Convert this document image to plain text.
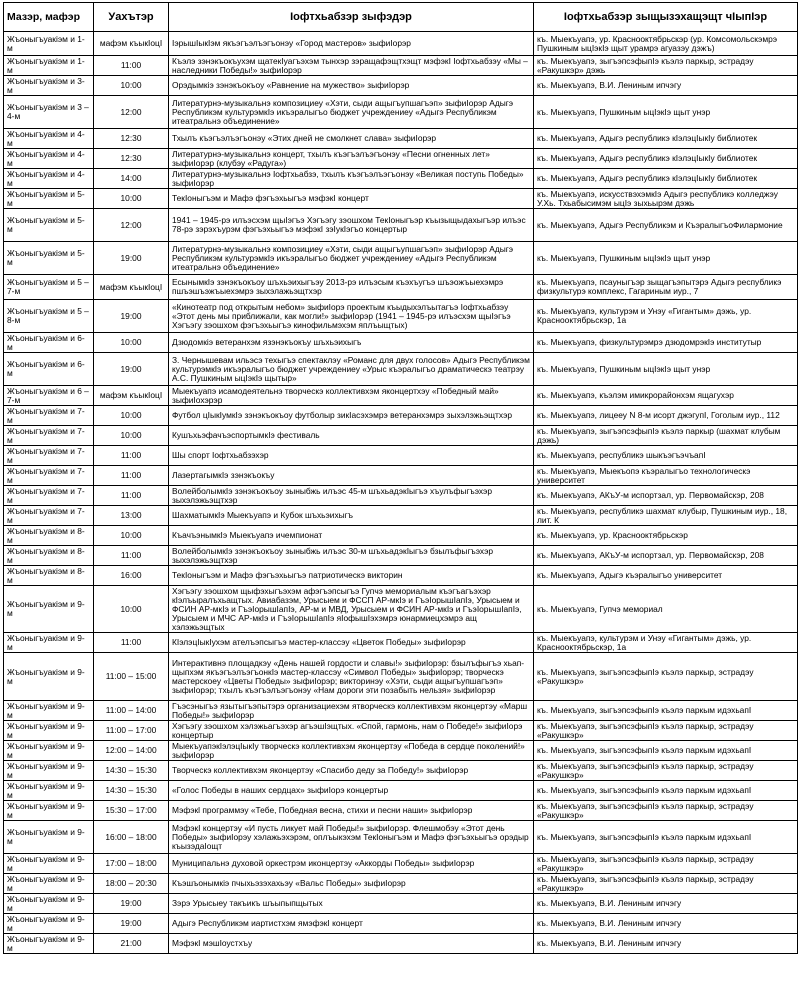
Мазэр, мафэр	Уахътэр	Iофтхьабзэр зыфэдэр	Iофтхьабзэр зыщызэхащэщт чIыпIэр
Жъоныгъуакiэм и 1-м	мафэм къыкIоцI	IэрышIыкIэм якъэгъэлъэгъонэу «Город мастеров» зыфиIорэр	къ. Мыекъуапэ, ур. Краснооктябрьскэр (ур. Комсомольскэмрэ Пушкиным ыцIэкIэ щыт урамрэ агуазэу дэжъ)
Жъоныгъуакiэм и 1-м	11:00	Къэлэ зэнэкъокъухэм щатекIуагъэхэм тынхэр зэращафэщтхэщт мэфэкI Iофтхьабзэу «Мы – наследники Победы!» зыфиIорэр	къ. Мыекъуапэ, зыгъэпсэфыпIэ къэлэ паркыр, эстрадэу «Ракушкэр» дэжь
Жъоныгъуакiэм и 3-м	10:00	Орэдымкiэ зэнэкъокъоу «Равнение на мужество» зыфиIорэр	къ. Мыекъуапэ, В.И. Лениным ипчэгу
Жъоныгъуакiэм и 3 – 4-м	12:00	Литературнэ-музыкальнэ композициеу «Хэти, сыди ащыгъупшагъэп» зыфиIорэр Адыгэ Республикэм культурэмкIэ икъэралыгъо бюджет учреждениеу «Адыгэ Республикэм итеатральнэ объединение»	къ. Мыекъуапэ, Пушкиным ыцIэкIэ щыт унэр
Жъоныгъуакiэм и 4-м	12:30	Тхылъ къэгъэлъэгъонэу «Этих дней не смолкнет слава» зыфиIорэр	къ. Мыекъуапэ, Адыгэ республикэ кIэлэцIыкIу библиотек
Жъоныгъуакiэм и 4-м	12:30	Литературнэ-музыкальнэ концерт, тхылъ къэгъэлъэгъонэу «Песни огненных лет» зыфиIорэр (клубэу «Радуга»)	къ. Мыекъуапэ, Адыгэ республикэ кIэлэцIыкIу библиотек
Жъоныгъуакiэм и 4-м	14:00	Литературнэ-музыкальнэ Iофтхьабзэ, тхылъ къэгъэлъэгъонэу «Великая поступь Победы» зыфиIорэр	къ. Мыекъуапэ, Адыгэ республикэ кIэлэцIыкIу библиотек
Жъоныгъуакiэм и 5-м	10:00	ТекIоныгъэм и Мафэ фэгъэхьыгъэ мэфэкI концерт	къ. Мыекъуапэ, искусствэхэмкIэ Адыгэ республикэ колледжэу У.Хь. Тхьабысимэм ыцIэ зыхьырэм дэжь
Жъоныгъуакiэм и 5-м	12:00	1941 – 1945-рэ илъэсхэм щыIэгъэ Хэгъэгу зэошхом ТекIоныгъэр къызыщыдахыгъэр илъэс 78-рэ зэрэхъурэм фэгъэхьыгъэ мэфэкI зэIукIэгъо концертыр	къ. Мыекъуапэ, Адыгэ Республикэм и КъэралыгъоФилармоние
Жъоныгъуакiэм и 5-м	19:00	Литературнэ-музыкальнэ композициеу «Хэти, сыди ащыгъупшагъэп» зыфиIорэр Адыгэ Республикэм культурэмкIэ икъэралыгъо бюджет учреждениеу «Адыгэ Республикэм итеатральнэ объединение»	къ. Мыекъуапэ, Пушкиным ыцIэкIэ щыт унэр
Жъоныгъуакiэм и 5 – 7-м	мафэм къыкIоцI	ЕсынымкIэ зэнэкъокъоу шъхьэихыгъэу 2013-рэ илъэсым къэхъугъэ шъэожъыехэмрэ пшъэшъэжъыехэмрэ зыхэлажьэщтхэр	къ. Мыекъуапэ, псауныгъэр зыщагъэпытэрэ Адыгэ республикэ физкультурэ комплекс, Гагариным иур., 7
Жъоныгъуакiэм и 5 – 8-м	19:00	«Кинотеатр под открытым небом» зыфиIорэ проектым къыдыхэлъытагъэ Iофтхьабзэу «Этот день мы приближали, как могли!» зыфиIорэр (1941 – 1945-рэ илъэсхэм щыIэгъэ Хэгъэгу зэошхом фэгъэхьыгъэ кинофильмэхэм яплъыщтых)	къ. Мыекъуапэ, культурэм и Унэу «Гигантым» дэжь, ур. Краснооктябрьскэр, 1а
Жъоныгъуакiэм и 6-м	10:00	Дзюдомкiэ ветеранхэм язэнэкъокъу шъхьэихыгъ	къ. Мыекъуапэ, физкультурэмрэ дзюдомрэкIэ институтыр
Жъоныгъуакiэм и 6-м	19:00	З. Чернышевам ильэсэ техыгъэ спектаклэу «Романс для двух голосов» Адыгэ Республикэм культурэмкIэ икъэралыгъо бюджет учреждениеу «Урыс къэралыгъо драматическэ театрэу А.С. Пушкиным ыцIэкIэ щытыр»	къ. Мыекъуапэ, Пушкиным ыцIэкIэ щыт унэр
Жъоныгъуакiэм и 6 – 7-м	мафэм къыкIоцI	Мыекъуапэ исамодеятельнэ творческэ коллективхэм яконцертхэу «Победный май» зыфиIохэрэр	къ. Мыекъуапэ, къэлэм имикрорайонхэм ящагухэр
Жъоныгъуакiэм и 7-м	10:00	Футбол цIыкIумкIэ зэнэкъокъоу футболыр зикIасэхэмрэ ветеранхэмрэ зыхэлэжьэщтхэр	къ. Мыекъуапэ, лицееу N 8-м исорт джэгупI, Гоголым иур., 112
Жъоныгъуакiэм и 7-м	10:00	КушъхьэфачъэспортымкIэ фестиваль	къ. Мыекъуапэ, зыгъэпсэфыпIэ къэлэ паркыр (шахмат клубым дэжь)
Жъоныгъуакiэм и 7-м	11:00	Шы спорт Iофтхьабзэхэр	къ. Мыекъуапэ, республикэ шыкъэгъэчъапI
Жъоныгъуакiэм и 7-м	11:00	ЛазертагымкIэ зэнэкъокъу	къ. Мыекъуапэ, Мыекъопэ къэралыгъо технологическэ университет
Жъоныгъуакiэм и 7-м	11:00	ВолейболымкIэ зэнэкъокъоу зыныбжь илъэс 45-м шъхьадэкIыгъэ хъулъфыгъэхэр зыхэлэжьэщтхэр	къ. Мыекъуапэ, АКъУ-м испортзал, ур. Первомайскэр, 208
Жъоныгъуакiэм и 7-м	13:00	ШахматымкIэ Мыекъуапэ и Кубок шъхьэихыгъ	къ. Мыекъуапэ, республикэ шахмат клубыр, Пушкиным иур., 18, лит. К
Жъоныгъуакiэм и 8-м	10:00	КъачъэнымкIэ Мыекъуапэ ичемпионат	къ. Мыекъуапэ, ур. Краснооктябрьскэр
Жъоныгъуакiэм и 8-м	11:00	ВолейболымкIэ зэнэкъокъоу зыныбжь илъэс 30-м шъхьадэкIыгъэ бзылъфыгъэхэр зыхэлэжьэщтхэр	къ. Мыекъуапэ, АКъУ-м испортзал, ур. Первомайскэр, 208
Жъоныгъуакiэм и 8-м	16:00	ТекIоныгъэм и Мафэ фэгъэхьыгъэ патриотическэ викторин	къ. Мыекъуапэ, Адыгэ къэралыгъо университет
Жъоныгъуакiэм и 9-м	10:00	Хэгъэгу зэошхом щыфэхыгъэхэм афэгъэпсыгъэ Гупчэ мемориалым къэгъагъэхэр кIэлъыралъхьащтых. Авиабазэм, Урысыем и ФССП АР-мкIэ и ГъэIорышIапIэ, Урысыем и ФСИН АР-мкIэ и ГъэIорышIапIэ, АР-м и МВД, Урысыем и ФСИН АР-мкIэ и ГъэIорышIапIэ, Урысыем и МЧС АР-мкIэ и ГъэIорышIапIэ яIофышIэхэмрэ юнармиецхэмрэ ащ хэлэжьэщтых	къ. Мыекъуапэ, Гупчэ мемориал
Жъоныгъуакiэм и 9-м	11:00	КIэлэцIыкIухэм ателъэпсыгъэ мастер-классэу «Цветок Победы» зыфиIорэр	къ. Мыекъуапэ, культурэм и Унэу «Гигантым» дэжь, ур. Краснооктябрьскэр, 1а
Жъоныгъуакiэм и 9-м	11:00 – 15:00	Интерактивнэ площадкэу «День нашей гордости и славы!» зыфиIорэр: бзылъфыгъэ хьап-щыпхэм якъэгъэлъэгъонкIэ мастер-классэу «Символ Победы» зыфиIорэр; творческэ мастерскоеу «Цветы Победы» зыфиIорэр; викторинэу «Хэти, сыди ащыгъупшагъэп» зыфиIорэр; тхылъ къэгъэлъэгъонэу «Нам дороги эти позабыть нельзя» зыфиIорэр	къ. Мыекъуапэ, зыгъэпсэфыпIэ къэлэ паркыр, эстрадэу «Ракушкэр»
Жъоныгъуакiэм и 9-м	11:00 – 14:00	Гъэсэныгъэ язытыгъэпытэрэ организациехэм ятворческэ коллективхэм яконцертэу «Марш Победы!» зыфиIорэр	къ. Мыекъуапэ, зыгъэпсэфыпIэ къэлэ паркым идэхьапI
Жъоныгъуакiэм и 9-м	11:00 – 17:00	Хэгъэгу зэошхом хэлэжьагъэхэр агъэшIэщтых. «Спой, гармонь, нам о Победе!» зыфиIорэ концертыр	къ. Мыекъуапэ, зыгъэпсэфыпIэ къэлэ паркыр, эстрадэу «Ракушкэр»
Жъоныгъуакiэм и 9-м	12:00 – 14:00	МыекъуапэкIэлэцIыкIу творческэ коллективхэм яконцертэу «Победа в сердце поколений!» зыфиIорэр	къ. Мыекъуапэ, зыгъэпсэфыпIэ къэлэ паркым идэхьапI
Жъоныгъуакiэм и 9-м	14:30 – 15:30	Творческэ коллективхэм яконцертэу «Спасибо деду за Победу!» зыфиIорэр	къ. Мыекъуапэ, зыгъэпсэфыпIэ къэлэ паркыр, эстрадэу «Ракушкэр»
Жъоныгъуакiэм и 9-м	14:30 – 15:30	«Голос Победы в наших сердцах» зыфиIорэ концертыр	къ. Мыекъуапэ, зыгъэпсэфыпIэ къэлэ паркым идэхьапI
Жъоныгъуакiэм и 9-м	15:30 – 17:00	Мэфэкl программэу «Тебе, Победная весна, стихи и песни наши» зыфиIорэр	къ. Мыекъуапэ, зыгъэпсэфыпIэ къэлэ паркыр, эстрадэу «Ракушкэр»
Жъоныгъуакiэм и 9-м	16:00 – 18:00	МэфэкI концертэу «И пусть ликует май Победы!» зыфиIорэр. Флешмобэу «Этот день Победы» зыфиIорэу хэлажьэхэрэм, оплъыкэхэм ТекIоныгъэм и Мафэ фэгъэхьыгъэ орэдыр къызэдаIощт	къ. Мыекъуапэ, зыгъэпсэфыпIэ къэлэ паркым идэхьапI
Жъоныгъуакiэм и 9-м	17:00 – 18:00	Муниципальнэ духовой оркестрэм иконцертэу «Аккорды Победы» зыфиIорэр	къ. Мыекъуапэ, зыгъэпсэфыпIэ къэлэ паркыр, эстрадэу «Ракушкэр»
Жъоныгъуакiэм и 9-м	18:00 – 20:30	Къэшъонымкiэ пчыхьэзэхахьэу «Вальс Победы» зыфиIорэр	къ. Мыекъуапэ, зыгъэпсэфыпIэ къэлэ паркыр, эстрадэу «Ракушкэр»
Жъоныгъуакiэм и 9-м	19:00	Зэрэ Урысыеу такъикъ шъыпыпщытых	къ. Мыекъуапэ, В.И. Лениным ипчэгу
Жъоныгъуакiэм и 9-м	19:00	Адыгэ Республикэм иартистхэм ямэфэкI концерт	къ. Мыекъуапэ, В.И. Лениным ипчэгу
Жъоныгъуакiэм и 9-м	21:00	МэфэкI мэшIоустхъу	къ. Мыекъуапэ, В.И. Лениным ипчэгу
